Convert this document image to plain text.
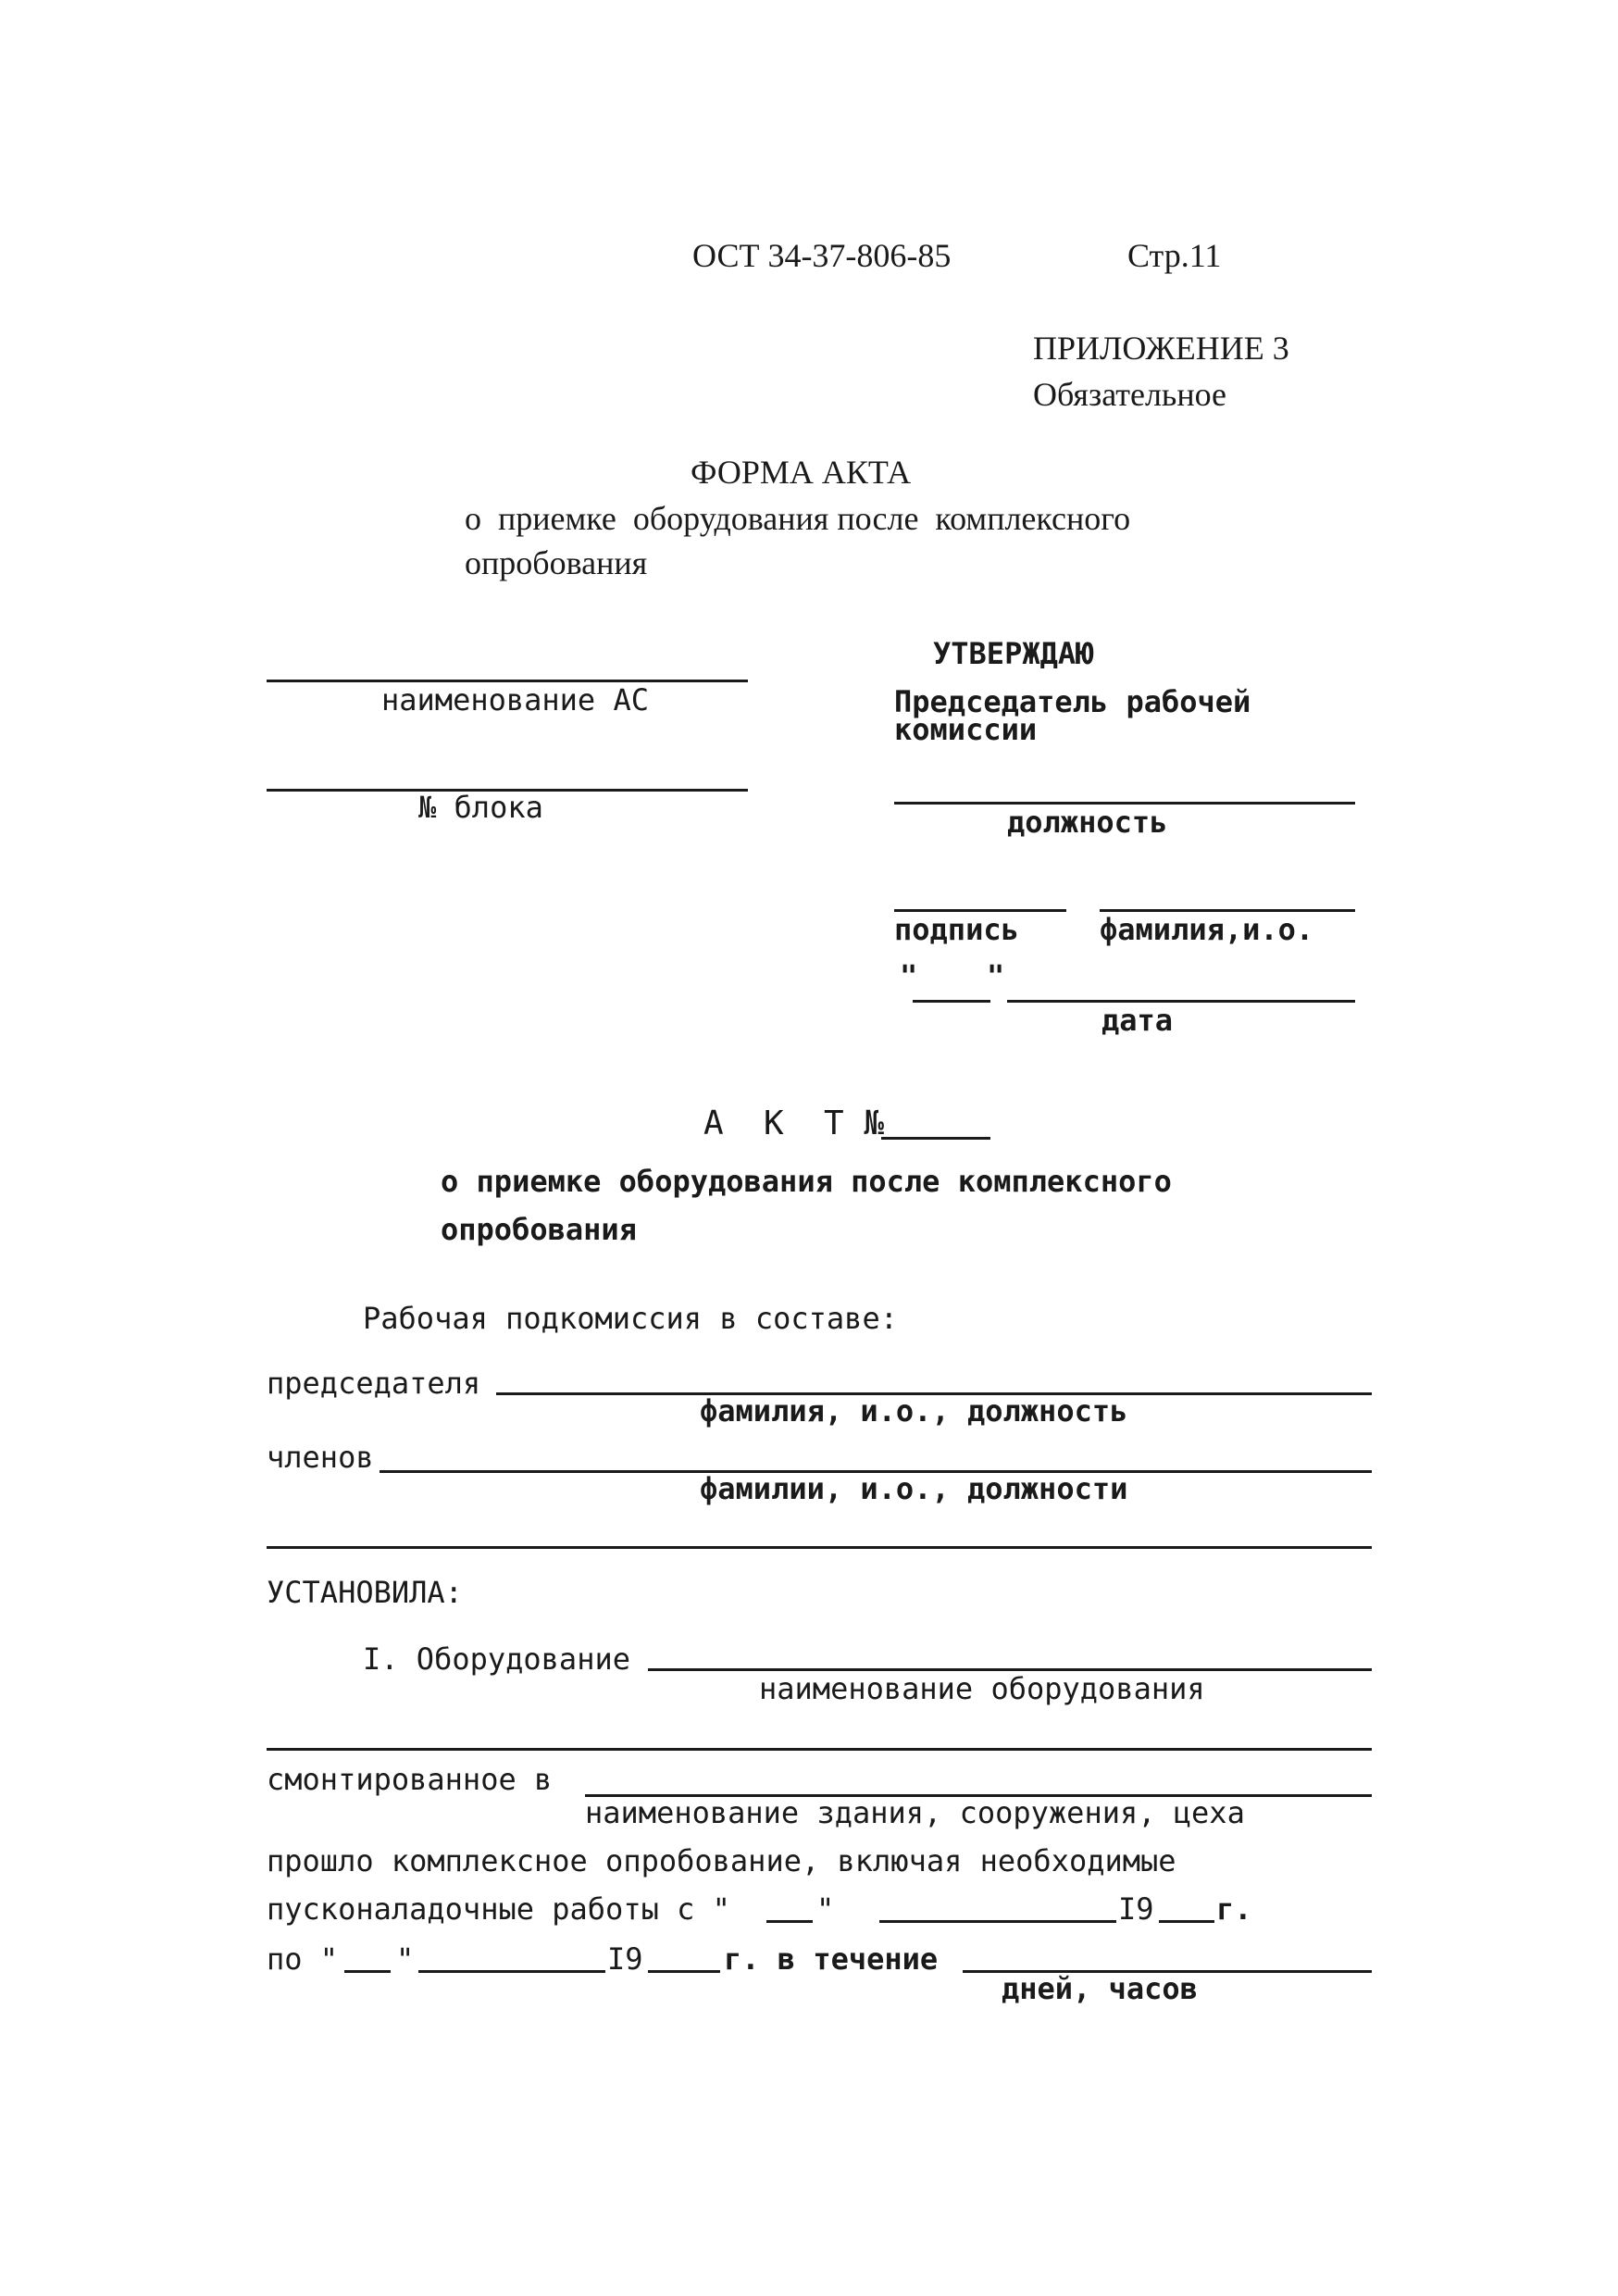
ОСТ 34-37-806-85	Стр.11
ПРИЛОЖЕНИЕ 3
Обязательное
ФОРМА АКТА
о  приемке  оборудования после  комплексного
опробования
наименование АС
№ блока
УТВЕРЖДАЮ
Председатель рабочей
комиссии
должность
подпись	фамилия,и.о.
" "
дата
А  К  Т №
о приемке оборудования после комплексного
опробования
Рабочая подкомиссия в составе:
председателя
фамилия, и.о., должность
членов
фамилии, и.о., должности
УСТАНОВИЛА:
I. Оборудование
наименование оборудования
смонтированное в
наименование здания, сооружения, цеха
прошло комплексное опробование, включая необходимые
пусконаладочные работы с "	"	I9 г.
по " "	I9	г. в течение
дней, часов
